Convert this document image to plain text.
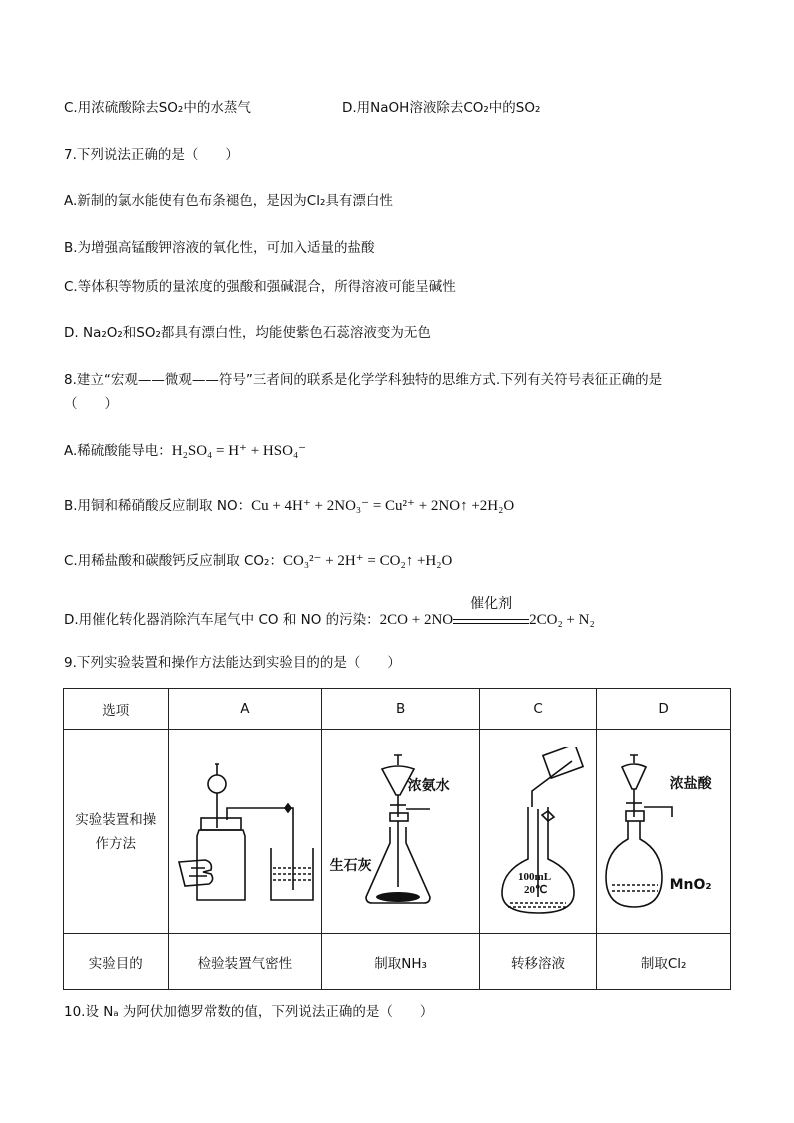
C.用浓硫酸除去SO₂中的水蒸气	D.用NaOH溶液除去CO₂中的SO₂
7.下列说法正确的是（　　）
A.新制的氯水能使有色布条褪色，是因为Cl₂具有漂白性
B.为增强高锰酸钾溶液的氧化性，可加入适量的盐酸
C.等体积等物质的量浓度的强酸和强碱混合，所得溶液可能呈碱性
D. Na₂O₂和SO₂都具有漂白性，均能使紫色石蕊溶液变为无色
8.建立“宏观——微观——符号”三者间的联系是化学学科独特的思维方式.下列有关符号表征正确的是
（　　）
A.稀硫酸能导电：H₂SO₄ = H⁺ + HSO₄⁻
B.用铜和稀硝酸反应制取 NO：Cu + 4H⁺ + 2NO₃⁻ = Cu²⁺ + 2NO↑ +2H₂O
C.用稀盐酸和碳酸钙反应制取 CO₂：CO₃²⁻ + 2H⁺ = CO₂↑ +H₂O
D.用催化转化器消除汽车尾气中 CO 和 NO 的污染：2CO + 2NO
催化剂
2CO₂ + N₂
9.下列实验装置和操作方法能达到实验目的的是（　　）
选项	A	B	C	D
实验装置和操作方法		浓氨水
生石灰	100mL
20℃	浓盐酸
MnO₂

实验目的	检验装置气密性	制取NH₃	转移溶液	制取Cl₂
10.设 Nₐ 为阿伏加德罗常数的值，下列说法正确的是（　　）
